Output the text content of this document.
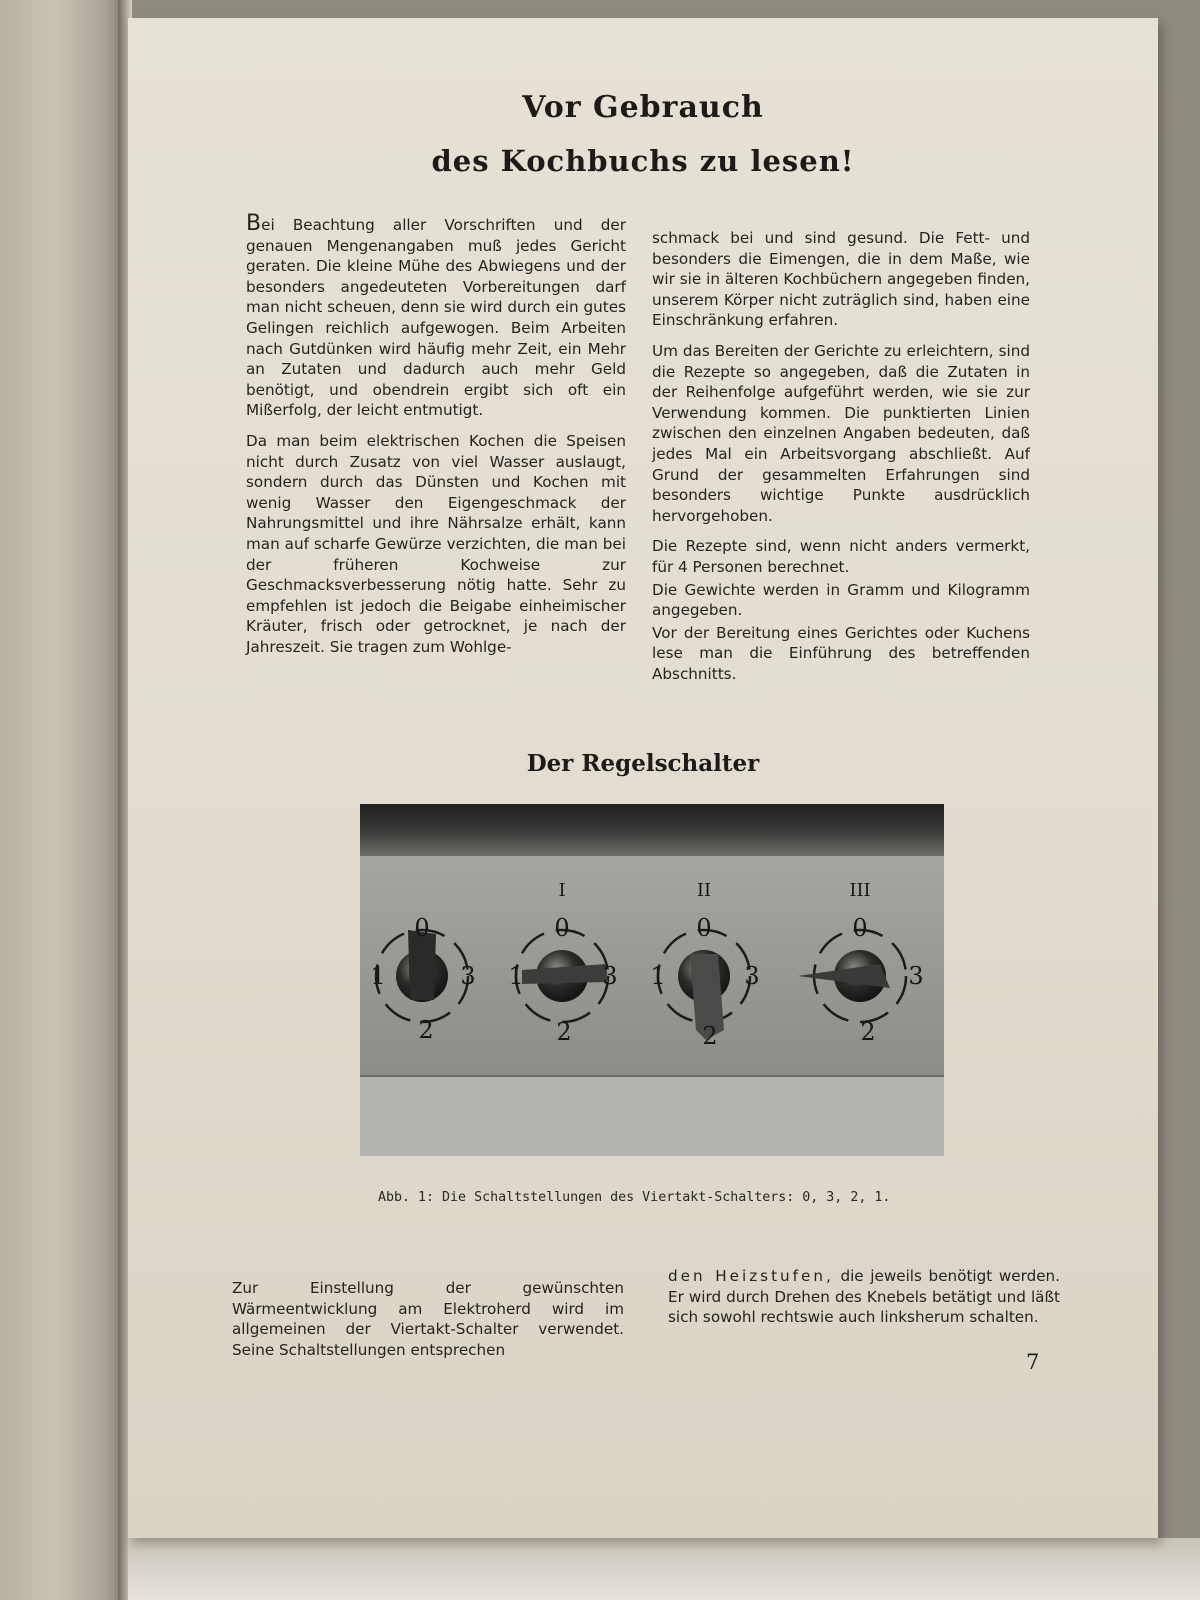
Vor Gebrauch
des Kochbuchs zu lesen!

Bei Beachtung aller Vorschriften und der genauen Mengenangaben muß jedes Gericht geraten. Die kleine Mühe des Abwiegens und der besonders angedeuteten Vorbereitungen darf man nicht scheuen, denn sie wird durch ein gutes Gelingen reichlich aufgewogen. Beim Arbeiten nach Gutdünken wird häufig mehr Zeit, ein Mehr an Zutaten und dadurch auch mehr Geld benötigt, und obendrein ergibt sich oft ein Mißerfolg, der leicht entmutigt.

Da man beim elektrischen Kochen die Speisen nicht durch Zusatz von viel Wasser auslaugt, sondern durch das Dünsten und Kochen mit wenig Wasser den Eigengeschmack der Nahrungsmittel und ihre Nährsalze erhält, kann man auf scharfe Gewürze verzichten, die man bei der früheren Kochweise zur Geschmacksverbesserung nötig hatte. Sehr zu empfehlen ist jedoch die Beigabe einheimischer Kräuter, frisch oder getrocknet, je nach der Jahreszeit. Sie tragen zum Wohlge-

schmack bei und sind gesund. Die Fett- und besonders die Eimengen, die in dem Maße, wie wir sie in älteren Kochbüchern angegeben finden, unserem Körper nicht zuträglich sind, haben eine Einschränkung erfahren.

Um das Bereiten der Gerichte zu erleichtern, sind die Rezepte so angegeben, daß die Zutaten in der Reihenfolge aufgeführt werden, wie sie zur Verwendung kommen. Die punktierten Linien zwischen den einzelnen Angaben bedeuten, daß jedes Mal ein Arbeitsvorgang abschließt. Auf Grund der gesammelten Erfahrungen sind besonders wichtige Punkte ausdrücklich hervorgehoben.

Die Rezepte sind, wenn nicht anders vermerkt, für 4 Personen berechnet.

Die Gewichte werden in Gramm und Kilogramm angegeben.

Vor der Bereitung eines Gerichtes oder Kuchens lese man die Einführung des betreffenden Abschnitts.

Der Regelschalter
0
1	3
2
I
0
1	3
2
II
0
1	3
2
III
0
3
2
Abb. 1: Die Schaltstellungen des Viertakt-Schalters: 0, 3, 2, 1.

Zur Einstellung der gewünschten Wärmeentwicklung am Elektroherd wird im allgemeinen der Viertakt-Schalter verwendet. Seine Schaltstellungen entsprechen

den Heizstufen, die jeweils benötigt werden. Er wird durch Drehen des Knebels betätigt und läßt sich sowohl rechtswie auch linksherum schalten.

7
